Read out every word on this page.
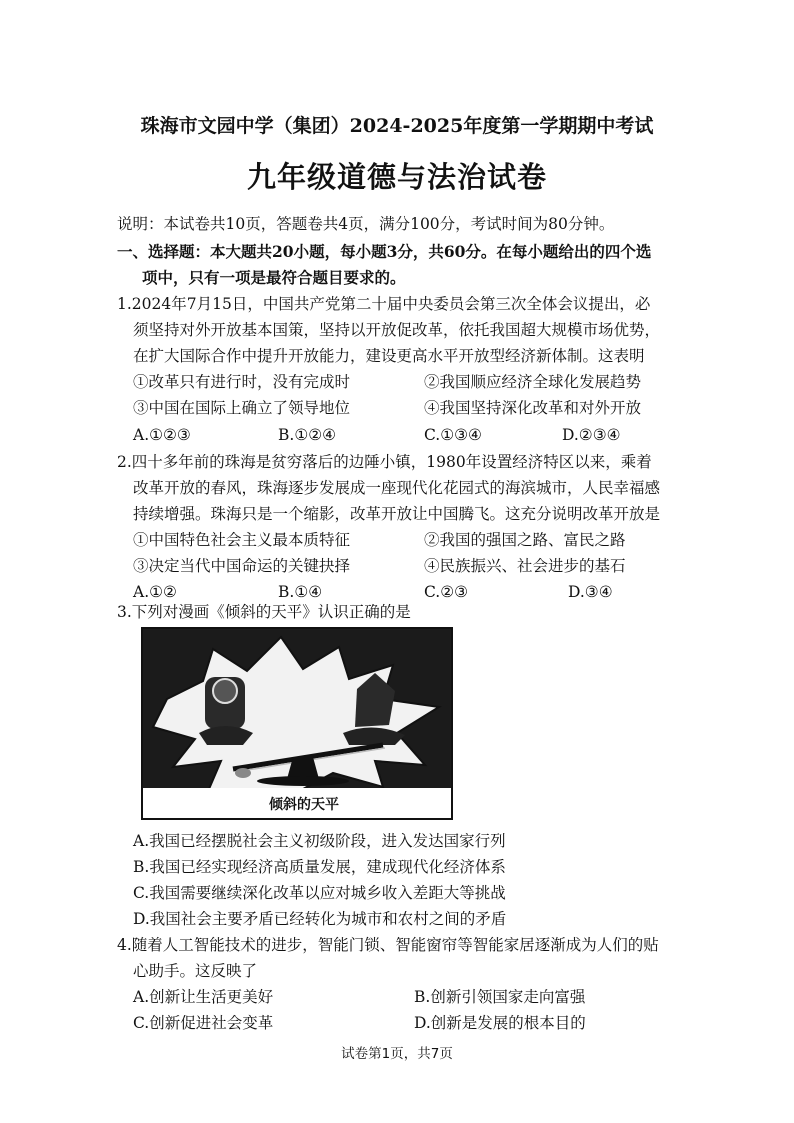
珠海市文园中学（集团）2024-2025年度第一学期期中考试
九年级道德与法治试卷
说明：本试卷共10页，答题卷共4页，满分100分，考试时间为80分钟。
一、选择题：本大题共20小题，每小题3分，共60分。在每小题给出的四个选
项中，只有一项是最符合题目要求的。
1.2024年7月15日，中国共产党第二十届中央委员会第三次全体会议提出，必
须坚持对外开放基本国策，坚持以开放促改革，依托我国超大规模市场优势，
在扩大国际合作中提升开放能力，建设更高水平开放型经济新体制。这表明
①改革只有进行时，没有完成时	②我国顺应经济全球化发展趋势
③中国在国际上确立了领导地位	④我国坚持深化改革和对外开放
A.①②③	B.①②④	C.①③④	D.②③④
2.四十多年前的珠海是贫穷落后的边陲小镇，1980年设置经济特区以来，乘着
改革开放的春风，珠海逐步发展成一座现代化花园式的海滨城市，人民幸福感
持续增强。珠海只是一个缩影，改革开放让中国腾飞。这充分说明改革开放是
①中国特色社会主义最本质特征	②我国的强国之路、富民之路
③决定当代中国命运的关键抉择	④民族振兴、社会进步的基石
A.①②	B.①④	C.②③	D.③④
3.下列对漫画《倾斜的天平》认识正确的是
倾斜的天平
A.我国已经摆脱社会主义初级阶段，进入发达国家行列
B.我国已经实现经济高质量发展，建成现代化经济体系
C.我国需要继续深化改革以应对城乡收入差距大等挑战
D.我国社会主要矛盾已经转化为城市和农村之间的矛盾
4.随着人工智能技术的进步，智能门锁、智能窗帘等智能家居逐渐成为人们的贴
心助手。这反映了
A.创新让生活更美好	B.创新引领国家走向富强
C.创新促进社会变革	D.创新是发展的根本目的
试卷第1页，共7页
